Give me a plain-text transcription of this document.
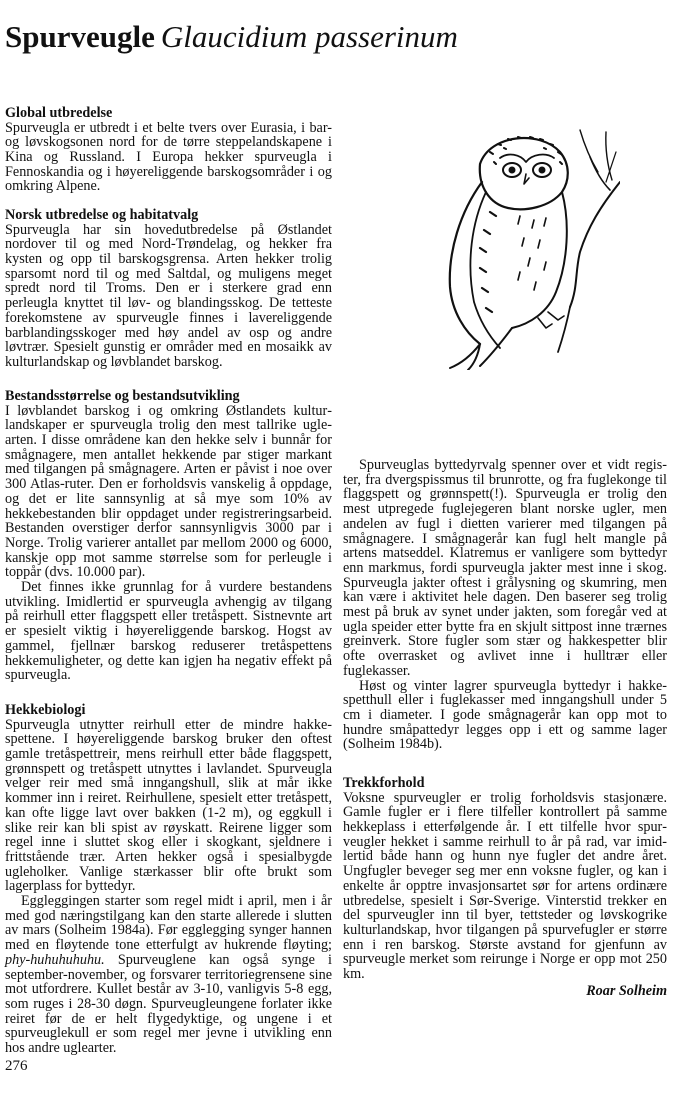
Spurveugle Glaucidium passerinum
Global utbredelse

Spurveugla er utbredt i et belte tvers over Eurasia, i bar- og løvskogsonen nord for de tørre steppelandskapene i Kina og Russland. I Europa hekker spurveugla i Fennoskandia og i høyereliggende barskogsområder i og omkring Alpene.

Norsk utbredelse og habitatvalg

Spurveugla har sin hovedutbredelse på Østlandet nordover til og med Nord-Trøndelag, og hekker fra kysten og opp til barskogsgrensa. Arten hekker trolig sparsomt nord til og med Saltdal, og muligens meget spredt nord til Troms. Den er i sterkere grad enn perleugla knyttet til løv- og blandingsskog. De tetteste forekomstene av spurveugle finnes i lavereliggende barblandingsskoger med høy andel av osp og andre løvtrær. Spesielt gunstig er områder med en mosaikk av kulturlandskap og løvblandet barskog.

Bestandsstørrelse og bestandsutvikling

I løvblandet barskog i og omkring Østlandets kulturlandskaper er spurveugla trolig den mest tallrike uglearten. I disse områdene kan den hekke selv i bunnår for smågnagere, men antallet hekkende par stiger markant med tilgangen på smågnagere. Arten er påvist i noe over 300 Atlas-ruter. Den er forholdsvis vanskelig å oppdage, og det er lite sannsynlig at så mye som 10% av hekkebestanden blir oppdaget under registreringsarbeid. Bestanden overstiger derfor sannsynligvis 3000 par i Norge. Trolig varierer antallet par mellom 2000 og 6000, kanskje opp mot samme størrelse som for perleugle i toppår (dvs. 10.000 par).

Det finnes ikke grunnlag for å vurdere bestandens utvikling. Imidlertid er spurveugla avhengig av tilgang på reirhull etter flaggspett eller tretåspett. Sistnevnte art er spesielt viktig i høyereliggende barskog. Hogst av gammel, fjellnær barskog reduserer tretåspettens hekkemuligheter, og dette kan igjen ha negativ effekt på spurveugla.

Hekkebiologi

Spurveugla utnytter reirhull etter de mindre hakkespettene. I høyereliggende barskog bruker den oftest gamle tretåspettreir, mens reirhull etter både flaggspett, grønnspett og tretåspett utnyttes i lavlandet. Spurveugla velger reir med små inngangshull, slik at mår ikke kommer inn i reiret. Reirhullene, spesielt etter tretåspett, kan ofte ligge lavt over bakken (1-2 m), og eggkull i slike reir kan bli spist av røyskatt. Reirene ligger som regel inne i sluttet skog eller i skogkant, sjeldnere i frittstående trær. Arten hekker også i spesialbygde ugleholker. Vanlige stærkasser blir ofte brukt som lagerplass for byttedyr.

Eggleggingen starter som regel midt i april, men i år med god næringstilgang kan den starte allerede i slutten av mars (Solheim 1984a). Før egglegging synger hannen med en fløytende tone etterfulgt av hukrende fløyting; phy-huhuhuhuhu. Spurveuglene kan også synge i september-november, og forsvarer territoriegrensene sine mot utfordrere. Kullet består av 3-10, vanligvis 5-8 egg, som ruges i 28-30 døgn. Spurveugleungene forlater ikke reiret før de er helt flygedyktige, og ungene i et spurveuglekull er som regel mer jevne i utvikling enn hos andre uglearter.

Spurveuglas byttedyrvalg spenner over et vidt register, fra dvergspissmus til brunrotte, og fra fuglekonge til flaggspett og grønnspett(!). Spurveugla er trolig den mest utpregede fuglejegeren blant norske ugler, men andelen av fugl i dietten varierer med tilgangen på smågnagere. I smågnagerår kan fugl helt mangle på artens matseddel. Klatremus er vanligere som byttedyr enn markmus, fordi spurveugla jakter mest inne i skog. Spurveugla jakter oftest i grålysning og skumring, men kan være i aktivitet hele dagen. Den baserer seg trolig mest på bruk av synet under jakten, som foregår ved at ugla speider etter bytte fra en skjult sittpost inne trærnes greinverk. Store fugler som stær og hakkespetter blir ofte overrasket og avlivet inne i hulltrær eller fuglekasser.

Høst og vinter lagrer spurveugla byttedyr i hakkespetthull eller i fuglekasser med inngangshull under 5 cm i diameter. I gode smågnagerår kan opp mot to hundre småpattedyr legges opp i ett og samme lager (Solheim 1984b).

Trekkforhold

Voksne spurveugler er trolig forholdsvis stasjonære. Gamle fugler er i flere tilfeller kontrollert på samme hekkeplass i etterfølgende år. I ett tilfelle hvor spurveugler hekket i samme reirhull to år på rad, var imidlertid både hann og hunn nye fugler det andre året. Ungfugler beveger seg mer enn voksne fugler, og kan i enkelte år opptre invasjonsartet sør for artens ordinære utbredelse, spesielt i Sør-Sverige. Vinterstid trekker en del spurveugler inn til byer, tettsteder og løvskogrike kulturlandskap, hvor tilgangen på spurvefugler er større enn i ren barskog. Største avstand for gjenfunn av spurveugle merket som reirunge i Norge er opp mot 250 km.

Roar Solheim
276
